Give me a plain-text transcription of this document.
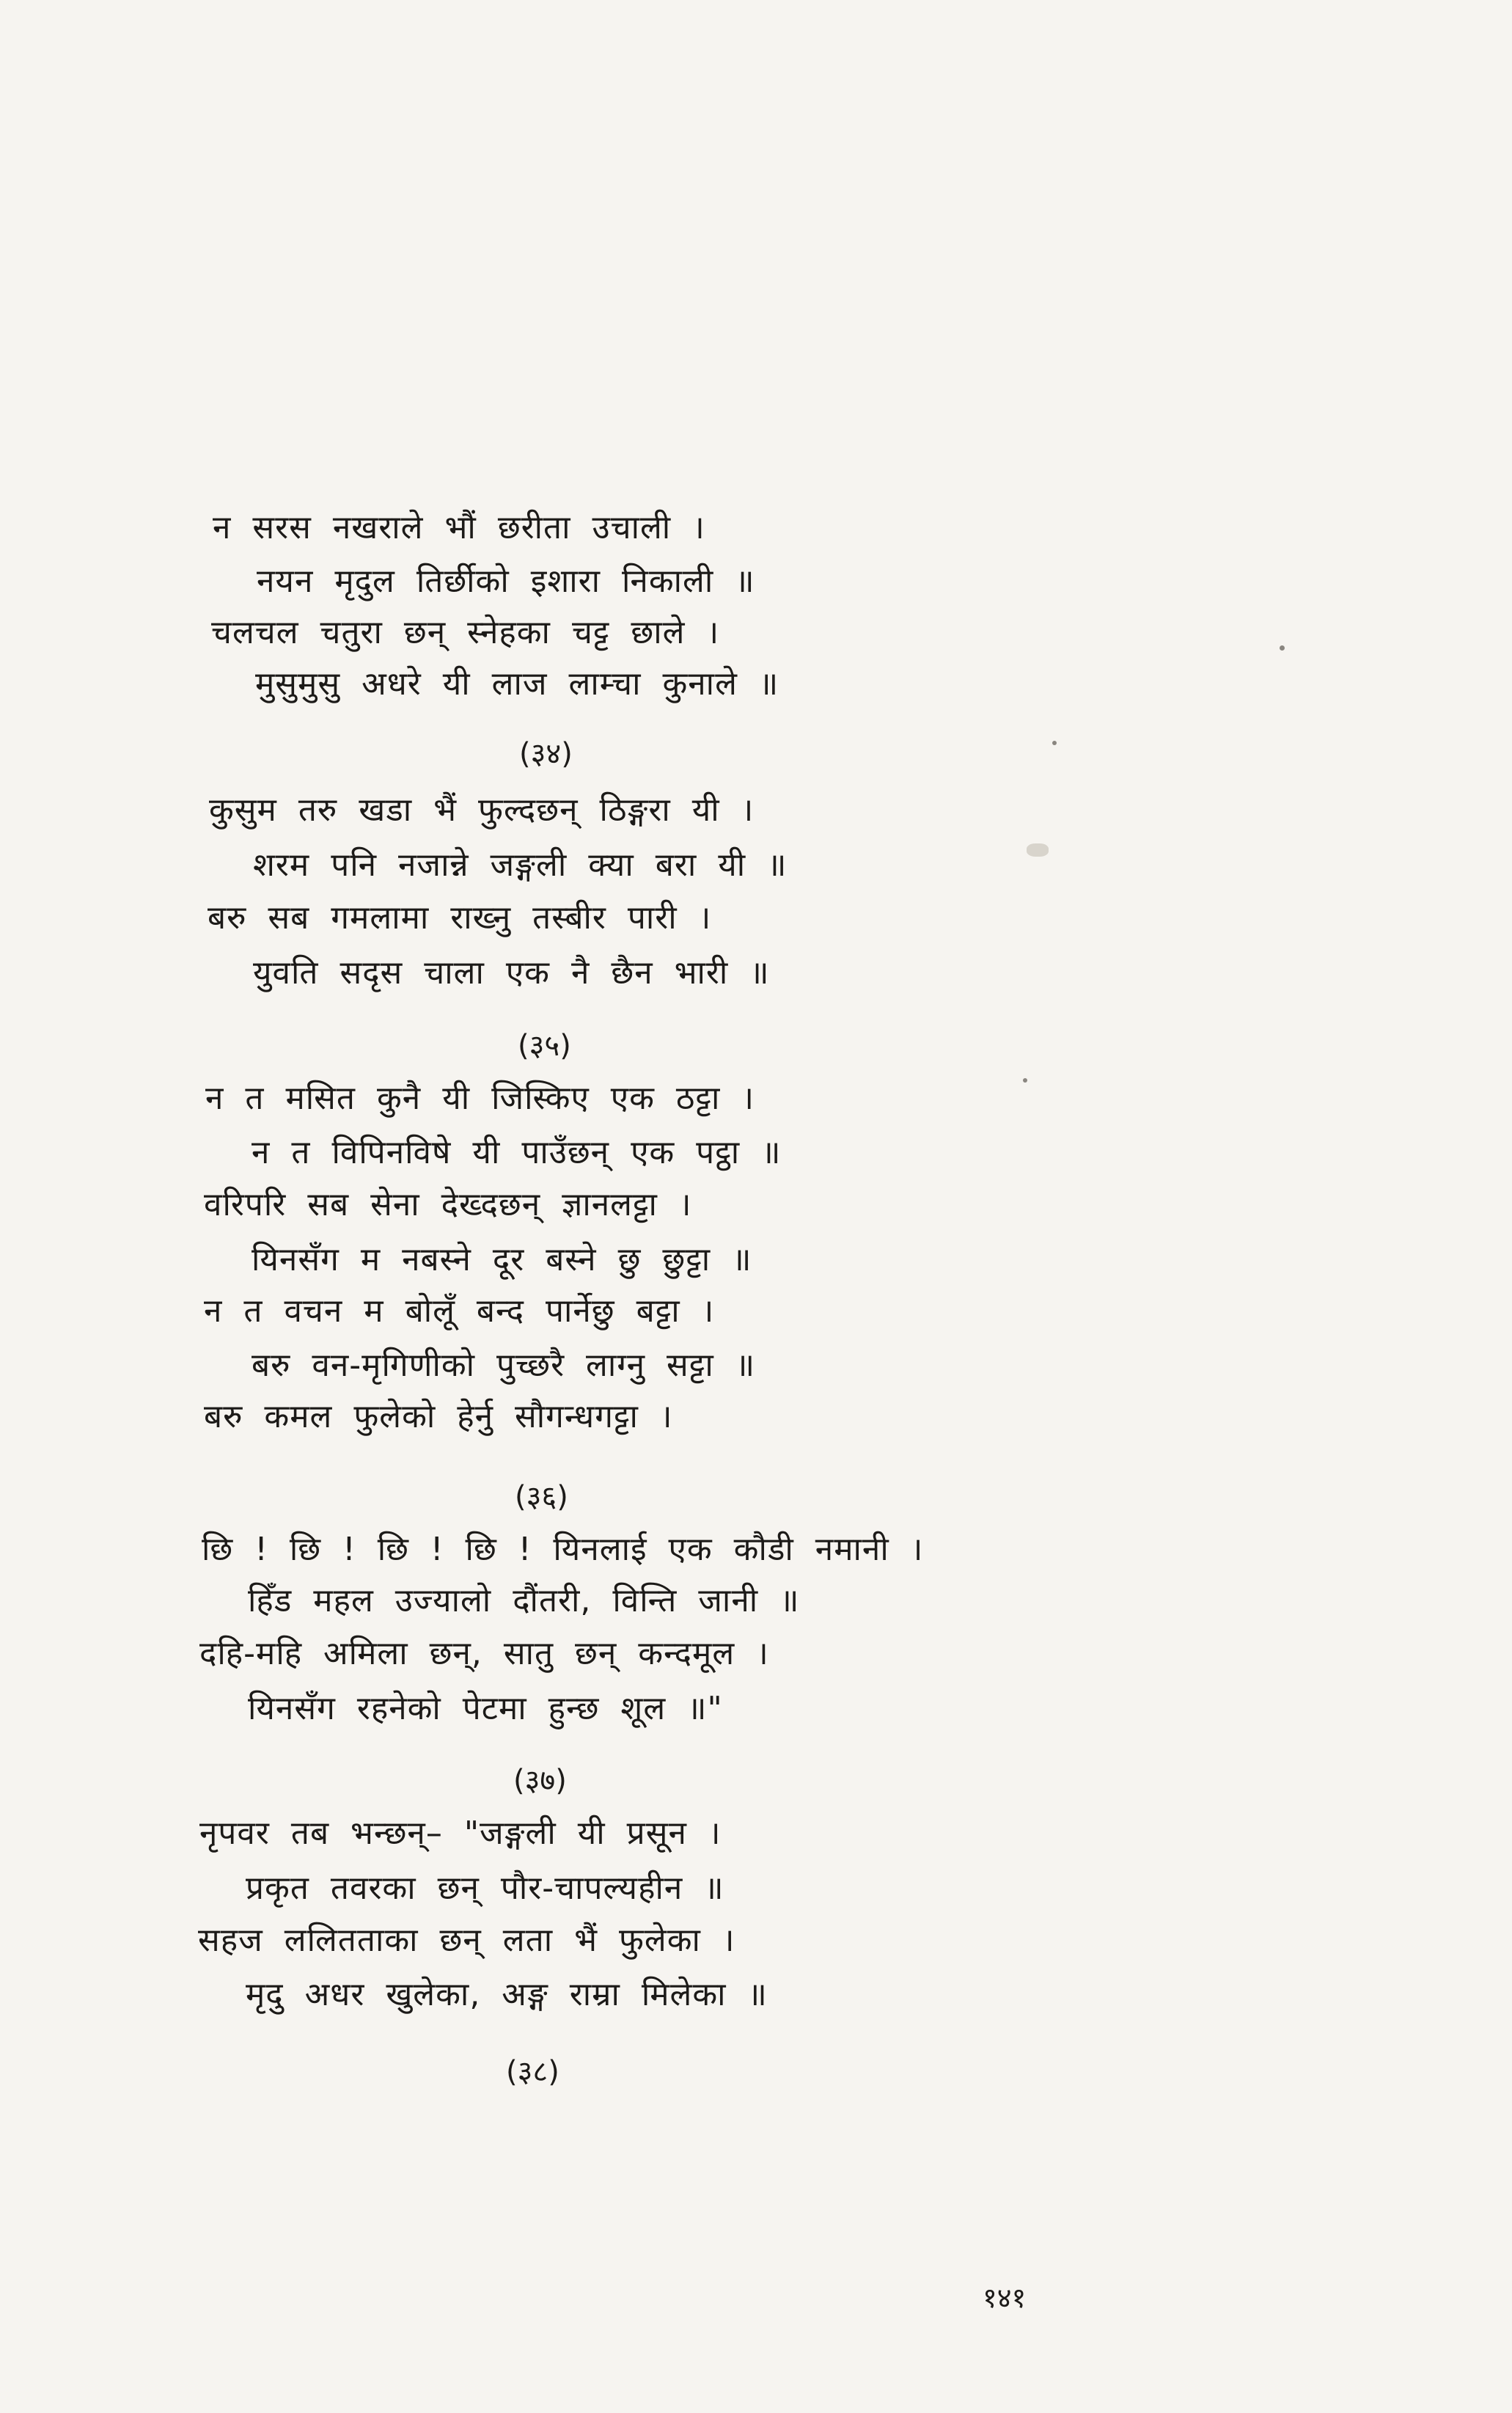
न सरस नखराले भौं छरीता उचाली ।
नयन मृदुल तिर्छीको इशारा निकाली ॥
चलचल चतुरा छन् स्नेहका चट्ट छाले ।
मुसुमुसु अधरे यी लाज लाम्चा कुनाले ॥
(३४)
कुसुम तरु खडा भैं फुल्दछन् ठिङ्गरा यी ।
शरम पनि नजान्ने जङ्गली क्या बरा यी ॥
बरु सब गमलामा राख्नु तस्बीर पारी ।
युवति सदृस चाला एक नै छैन भारी ॥
(३५)
न त मसित कुनै यी जिस्किए एक ठट्टा ।
न त विपिनविषे यी पाउँछन् एक पट्ठा ॥
वरिपरि सब सेना देख्दछन् ज्ञानलट्टा ।
यिनसँग म नबस्ने दूर बस्ने छु छुट्टा ॥
न त वचन म बोलूँ बन्द पार्नेछु बट्टा ।
बरु वन-मृगिणीको पुच्छरै लाग्नु सट्टा ॥
बरु कमल फुलेको हेर्नु सौगन्धगट्टा ।
(३६)
छि ! छि ! छि ! छि ! यिनलाई एक कौडी नमानी ।
हिँड महल उज्यालो दौंतरी, विन्ति जानी ॥
दहि-महि अमिला छन्, सातु छन् कन्दमूल ।
यिनसँग रहनेको पेटमा हुन्छ शूल ॥"
(३७)
नृपवर तब भन्छन्– "जङ्गली यी प्रसून ।
प्रकृत तवरका छन् पौर-चापल्यहीन ॥
सहज ललितताका छन् लता भैं फुलेका ।
मृदु अधर खुलेका, अङ्ग राम्रा मिलेका ॥
(३८)
१४१
